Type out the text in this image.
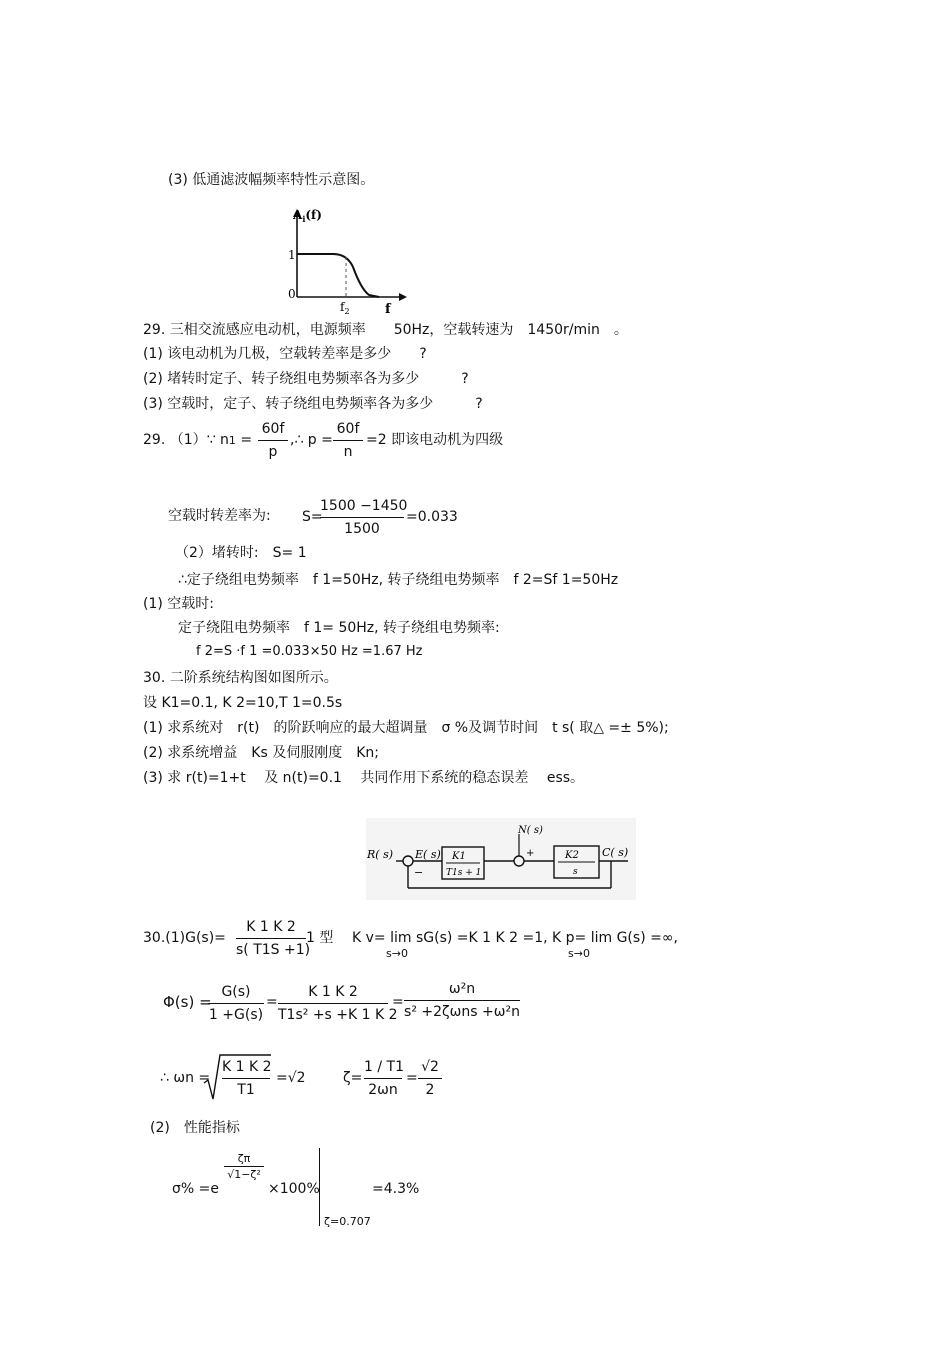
(3) 低通滤波幅频率特性示意图。
$A_i(f)$
1
0
$f_2$	f
29. 三相交流感应电动机，电源频率　　50Hz，空载转速为　1450r/min　。
(1) 该电动机为几极，空载转差率是多少　　?
(2) 堵转时定子、转子绕组电势频率各为多少　　　?
(3) 空载时，定子、转子绕组电势频率各为多少　　　?
29. （1）∵ n1 =
60f
p
,∴ p =
60f
n
=2 即该电动机为四级
空载时转差率为: S=
1500 −1450
1500
=0.033
（2）堵转时:　S= 1
∴定子绕组电势频率　f 1=50Hz, 转子绕组电势频率　f 2=Sf 1=50Hz
(1) 空载时:
定子绕阻电势频率　f 1= 50Hz, 转子绕组电势频率:
f 2=S ·f 1 =0.033×50 Hz =1.67 Hz
30. 二阶系统结构图如图所示。
设 K1=0.1, K 2=10,T 1=0.5s
(1) 求系统对　r(t)　的阶跃响应的最大超调量　σ %及调节时间　t s( 取△ =± 5%);
(2) 求系统增益　Ks 及伺服刚度　Kn;
(3) 求 r(t)=1+t　 及 n(t)=0.1　 共同作用下系统的稳态误差　 ess。
R( s) E( s) K1
T1s + 1
−
N( s)
+	K2
s
C( s)
30.(1)G(s)=
K 1 K 2
s( T1S +1)
1 型 K v= lim sG(s) =K 1 K 2 =1, K p= lim G(s) =∞,
s→0	s→0
Φ(s) =
G(s)
1 +G(s)
=
K 1 K 2
T1s² +s +K 1 K 2
=
ω²n
s² +2ζωns +ω²n
∴ ωn =
K 1 K 2
T1
=√2	ζ=
1 / T1
2ωn
=
√2
2
(2)　性能指标
σ% =e
ζπ
√1−ζ²
×100%	=4.3%
ζ=0.707
